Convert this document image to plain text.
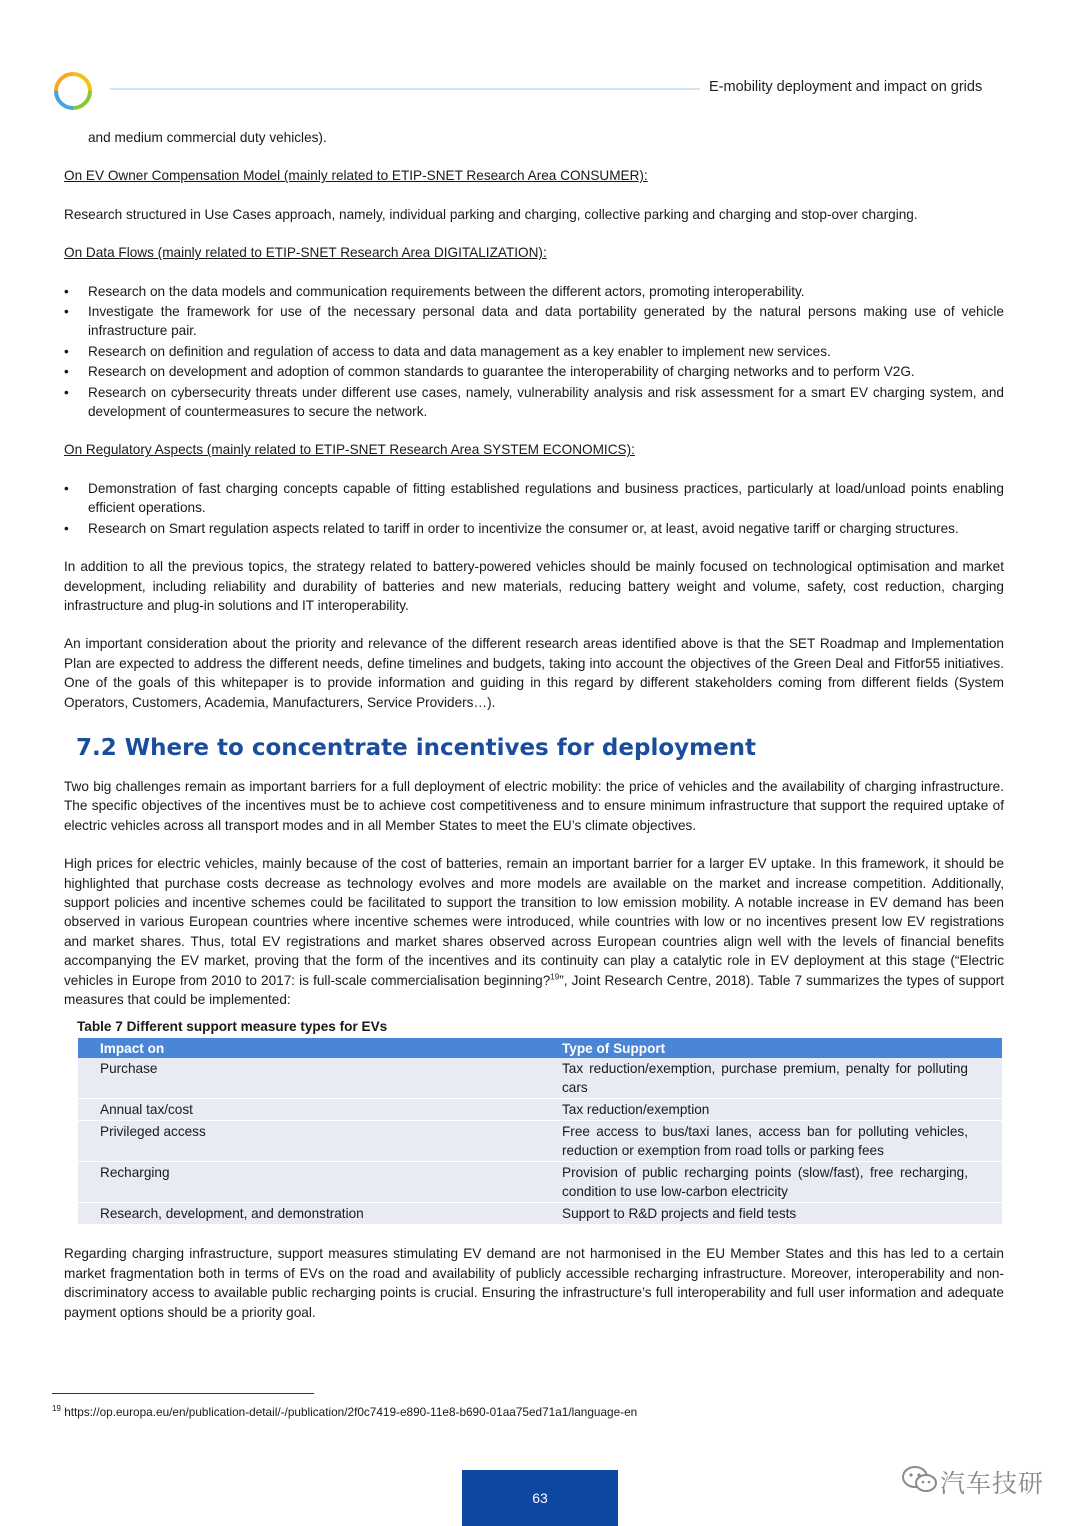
E-mobility deployment and impact on grids

and medium commercial duty vehicles).

On EV Owner Compensation Model (mainly related to ETIP-SNET Research Area CONSUMER):

Research structured in Use Cases approach, namely, individual parking and charging, collective parking and charging and stop-over charging.

On Data Flows (mainly related to ETIP-SNET Research Area DIGITALIZATION):

• Research on the data models and communication requirements between the different actors, promoting interoperability.
• Investigate the framework for use of the necessary personal data and data portability generated by the natural persons making use of vehicle infrastructure pair.
• Research on definition and regulation of access to data and data management as a key enabler to implement new services.
• Research on development and adoption of common standards to guarantee the interoperability of charging networks and to perform V2G.
• Research on cybersecurity threats under different use cases, namely, vulnerability analysis and risk assessment for a smart EV charging system, and development of countermeasures to secure the network.

On Regulatory Aspects (mainly related to ETIP-SNET Research Area SYSTEM ECONOMICS):

• Demonstration of fast charging concepts capable of fitting established regulations and business practices, particularly at load/unload points enabling efficient operations.
• Research on Smart regulation aspects related to tariff in order to incentivize the consumer or, at least, avoid negative tariff or charging structures.

In addition to all the previous topics, the strategy related to battery-powered vehicles should be mainly focused on technological optimisation and market development, including reliability and durability of batteries and new materials, reducing battery weight and volume, safety, cost reduction, charging infrastructure and plug-in solutions and IT interoperability.

An important consideration about the priority and relevance of the different research areas identified above is that the SET Roadmap and Implementation Plan are expected to address the different needs, define timelines and budgets, taking into account the objectives of the Green Deal and Fitfor55 initiatives. One of the goals of this whitepaper is to provide information and guiding in this regard by different stakeholders coming from different fields (System Operators, Customers, Academia, Manufacturers, Service Providers…).

7.2 Where to concentrate incentives for deployment

Two big challenges remain as important barriers for a full deployment of electric mobility: the price of vehicles and the availability of charging infrastructure. The specific objectives of the incentives must be to achieve cost competitiveness and to ensure minimum infrastructure that support the required uptake of electric vehicles across all transport modes and in all Member States to meet the EU’s climate objectives.

High prices for electric vehicles, mainly because of the cost of batteries, remain an important barrier for a larger EV uptake. In this framework, it should be highlighted that purchase costs decrease as technology evolves and more models are available on the market and increase competition. Additionally, support policies and incentive schemes could be facilitated to support the transition to low emission mobility. A notable increase in EV demand has been observed in various European countries where incentive schemes were introduced, while countries with low or no incentives present low EV registrations and market shares. Thus, total EV registrations and market shares observed across European countries align well with the levels of financial benefits accompanying the EV market, proving that the form of the incentives and its continuity can play a catalytic role in EV deployment at this stage (“Electric vehicles in Europe from 2010 to 2017: is full-scale commercialisation beginning?$^{19}$”, Joint Research Centre, 2018). Table 7 summarizes the types of support measures that could be implemented:

Table 7 Different support measure types for EVs
Impact on	Type of Support
Purchase	Tax reduction/exemption, purchase premium, penalty for polluting cars
Annual tax/cost	Tax reduction/exemption
Privileged access	Free access to bus/taxi lanes, access ban for polluting vehicles, reduction or exemption from road tolls or parking fees
Recharging	Provision of public recharging points (slow/fast), free recharging, condition to use low-carbon electricity
Research, development, and demonstration	Support to R&D projects and field tests

Regarding charging infrastructure, support measures stimulating EV demand are not harmonised in the EU Member States and this has led to a certain market fragmentation both in terms of EVs on the road and availability of publicly accessible recharging infrastructure. Moreover, interoperability and non-discriminatory access to available public recharging points is crucial. Ensuring the infrastructure’s full interoperability and full user information and adequate payment options should be a priority goal.

$^{19}$ https://op.europa.eu/en/publication-detail/-/publication/2f0c7419-e890-11e8-b690-01aa75ed71a1/language-en
63	汽车技研
